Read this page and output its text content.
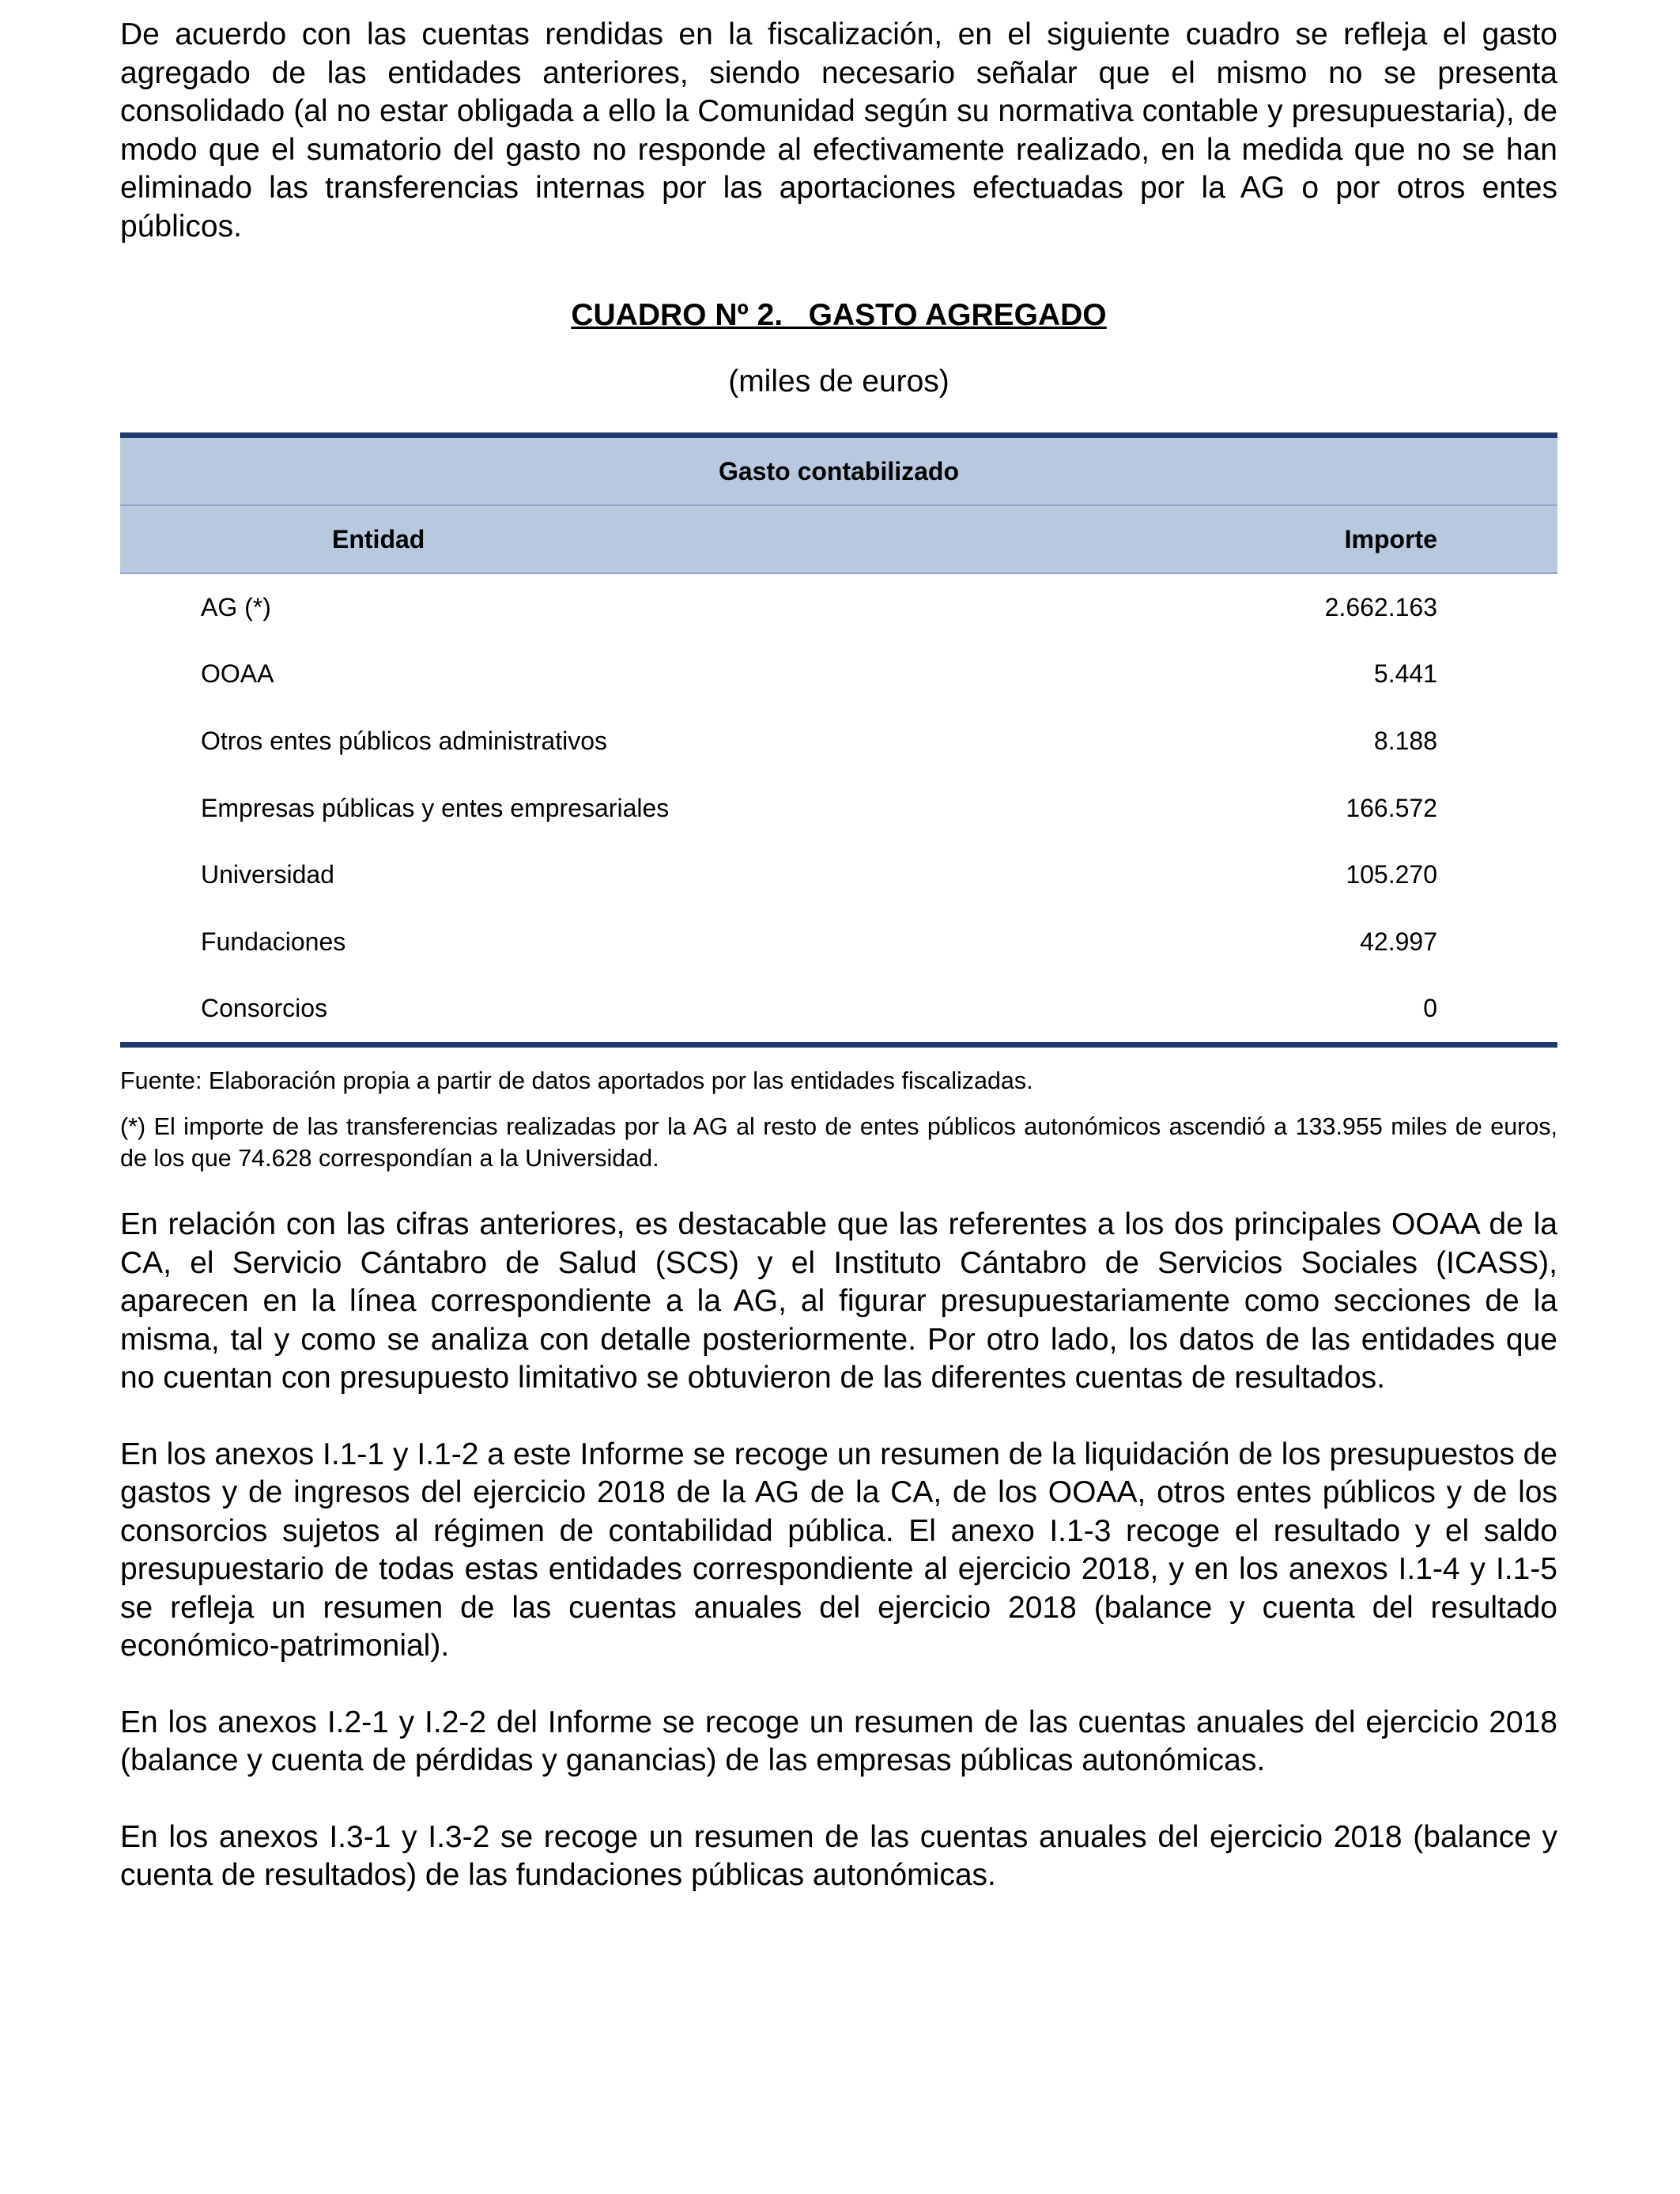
De acuerdo con las cuentas rendidas en la fiscalización, en el siguiente cuadro se refleja el gasto agregado de las entidades anteriores, siendo necesario señalar que el mismo no se presenta consolidado (al no estar obligada a ello la Comunidad según su normativa contable y presupuestaria), de modo que el sumatorio del gasto no responde al efectivamente realizado, en la medida que no se han eliminado las transferencias internas por las aportaciones efectuadas por la AG o por otros entes públicos.

CUADRO Nº 2.   GASTO AGREGADO
(miles de euros)
Gasto contabilizado	
Entidad	Importe
AG (*)	2.662.163
OOAA	5.441
Otros entes públicos administrativos	8.188
Empresas públicas y entes empresariales	166.572
Universidad	105.270
Fundaciones	42.997
Consorcios	0

Fuente: Elaboración propia a partir de datos aportados por las entidades fiscalizadas.

(*) El importe de las transferencias realizadas por la AG al resto de entes públicos autonómicos ascendió a 133.955 miles de euros, de los que 74.628 correspondían a la Universidad.

En relación con las cifras anteriores, es destacable que las referentes a los dos principales OOAA de la CA, el Servicio Cántabro de Salud (SCS) y el Instituto Cántabro de Servicios Sociales (ICASS), aparecen en la línea correspondiente a la AG, al figurar presupuestariamente como secciones de la misma, tal y como se analiza con detalle posteriormente. Por otro lado, los datos de las entidades que no cuentan con presupuesto limitativo se obtuvieron de las diferentes cuentas de resultados.

En los anexos I.1-1 y I.1-2 a este Informe se recoge un resumen de la liquidación de los presupuestos de gastos y de ingresos del ejercicio 2018 de la AG de la CA, de los OOAA, otros entes públicos y de los consorcios sujetos al régimen de contabilidad pública. El anexo I.1-3 recoge el resultado y el saldo presupuestario de todas estas entidades correspondiente al ejercicio 2018, y en los anexos I.1-4 y I.1-5 se refleja un resumen de las cuentas anuales del ejercicio 2018 (balance y cuenta del resultado económico-patrimonial).

En los anexos I.2-1 y I.2-2 del Informe se recoge un resumen de las cuentas anuales del ejercicio 2018 (balance y cuenta de pérdidas y ganancias) de las empresas públicas autonómicas.

En los anexos I.3-1 y I.3-2 se recoge un resumen de las cuentas anuales del ejercicio 2018 (balance y cuenta de resultados) de las fundaciones públicas autonómicas.
